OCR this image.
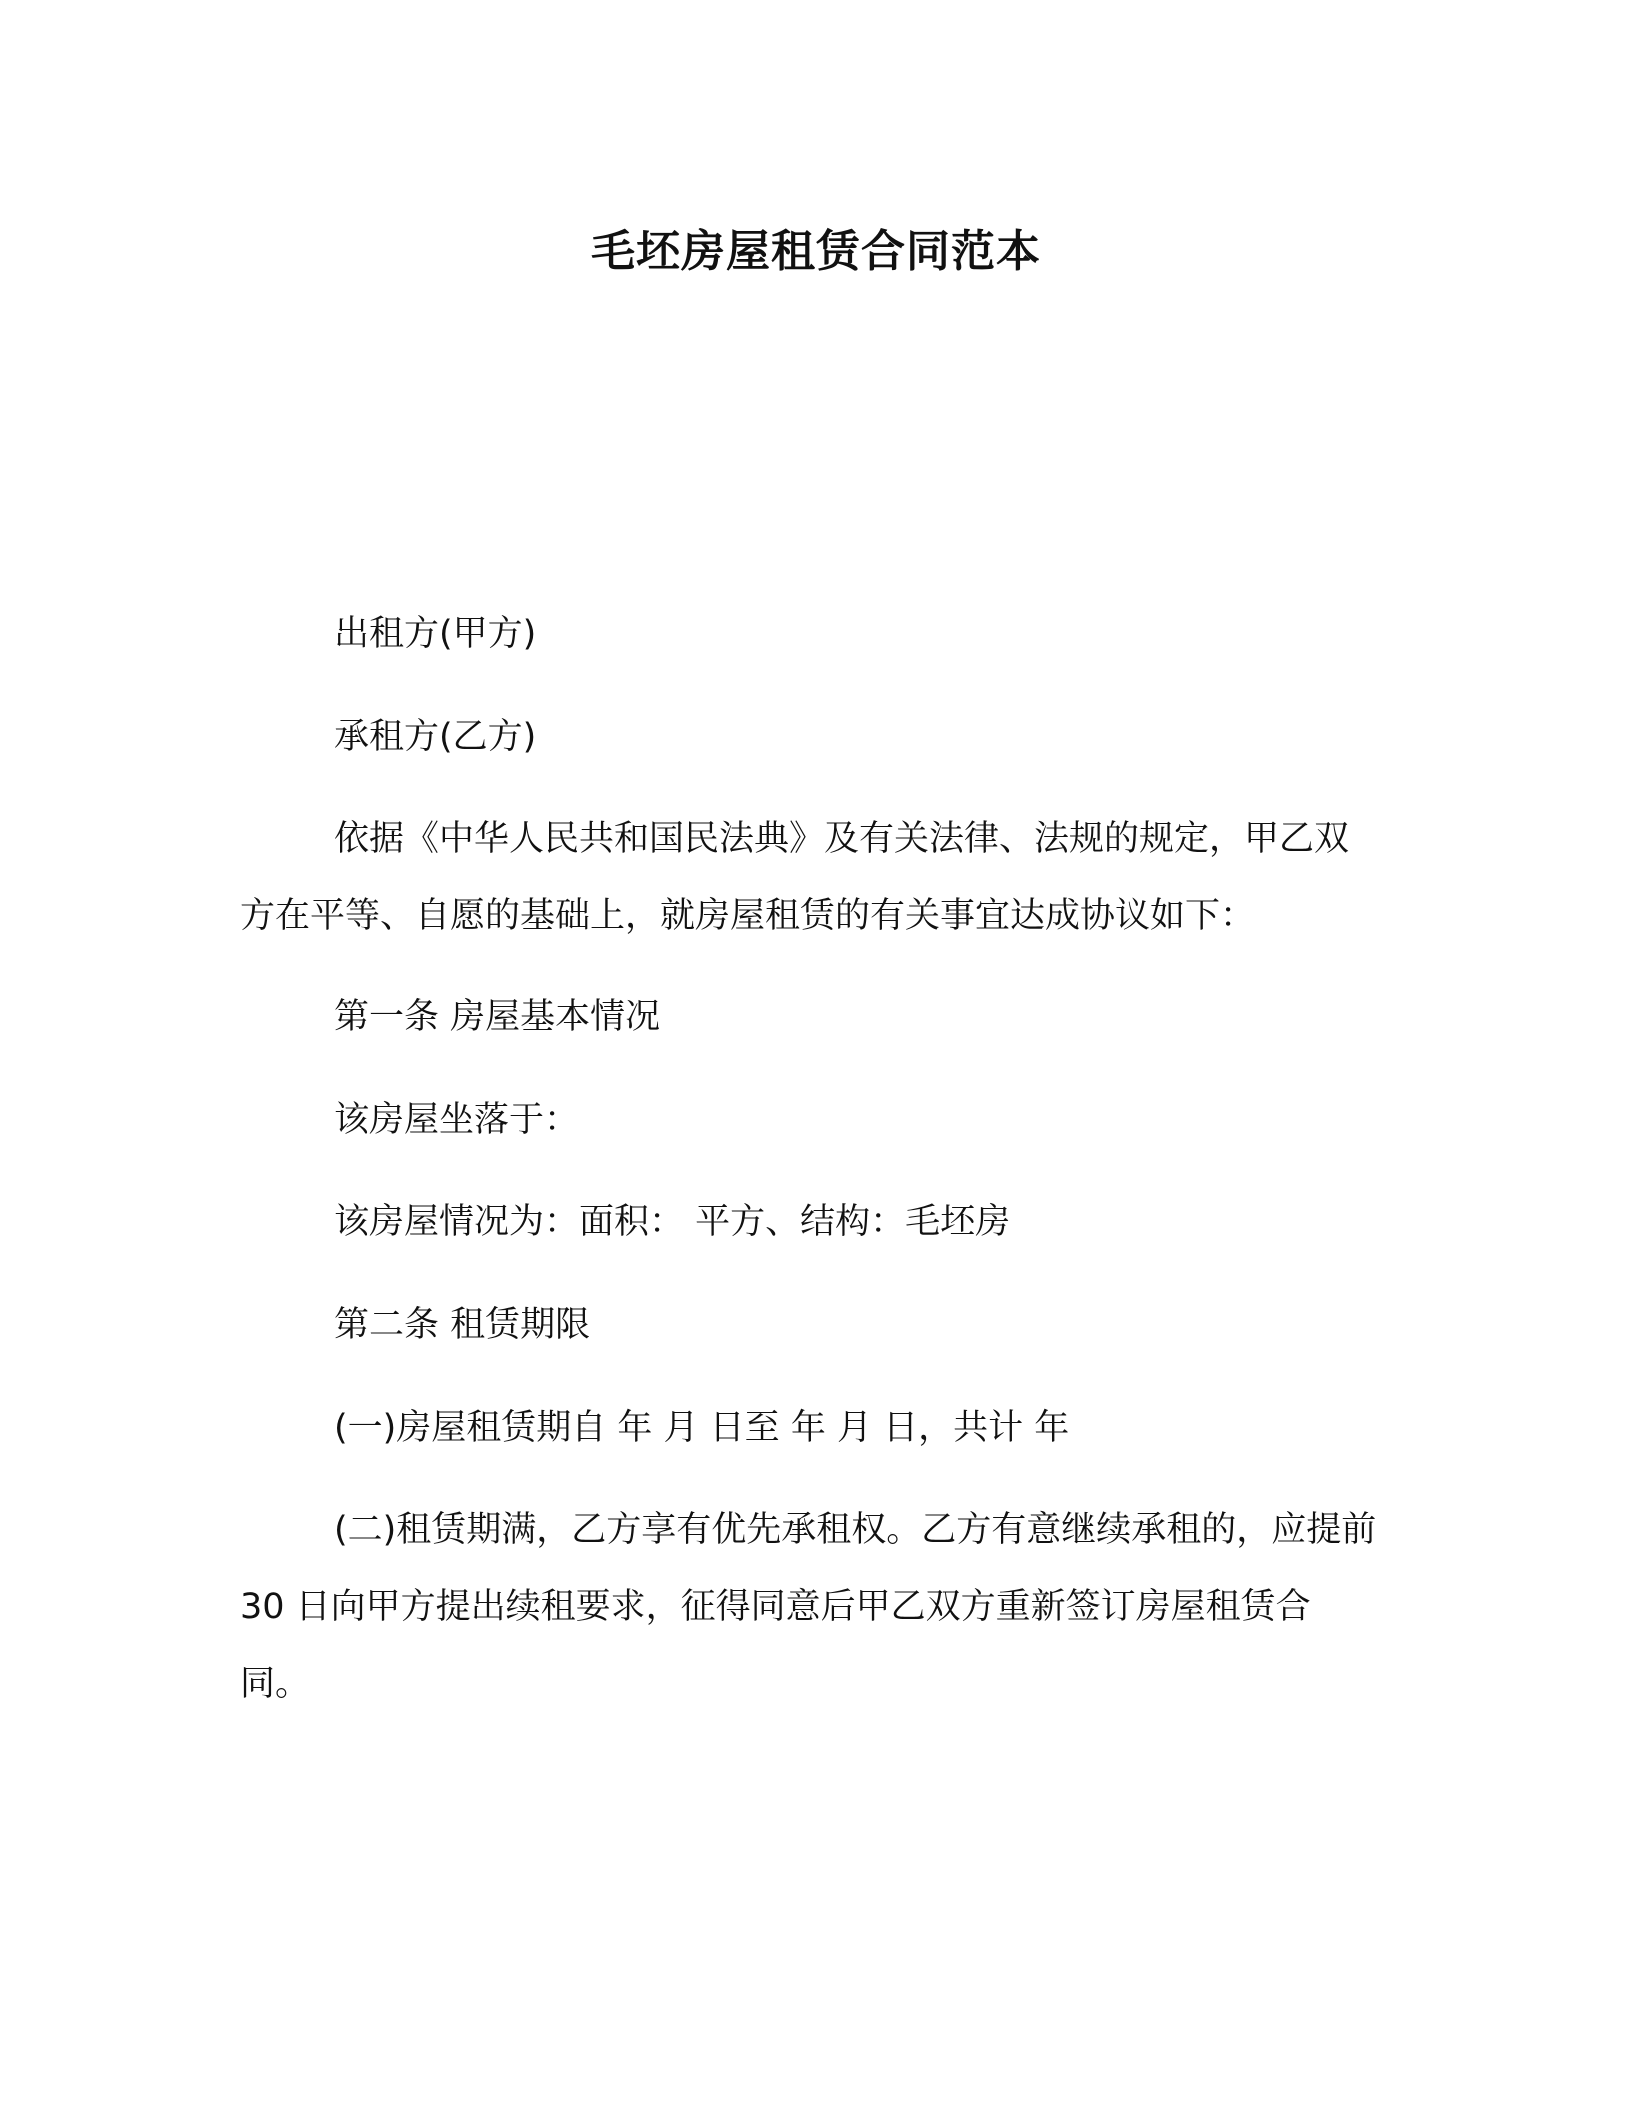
毛坯房屋租赁合同范本
出租方(甲方)
承租方(乙方)
依据《中华人民共和国民法典》及有关法律、法规的规定，甲乙双方在平等、自愿的基础上，就房屋租赁的有关事宜达成协议如下：
第一条 房屋基本情况
该房屋坐落于：
该房屋情况为：面积： 平方、结构：毛坯房
第二条 租赁期限
(一)房屋租赁期自 年 月 日至 年 月 日，共计 年
(二)租赁期满，乙方享有优先承租权。乙方有意继续承租的，应提前 30 日向甲方提出续租要求，征得同意后甲乙双方重新签订房屋租赁合同。
